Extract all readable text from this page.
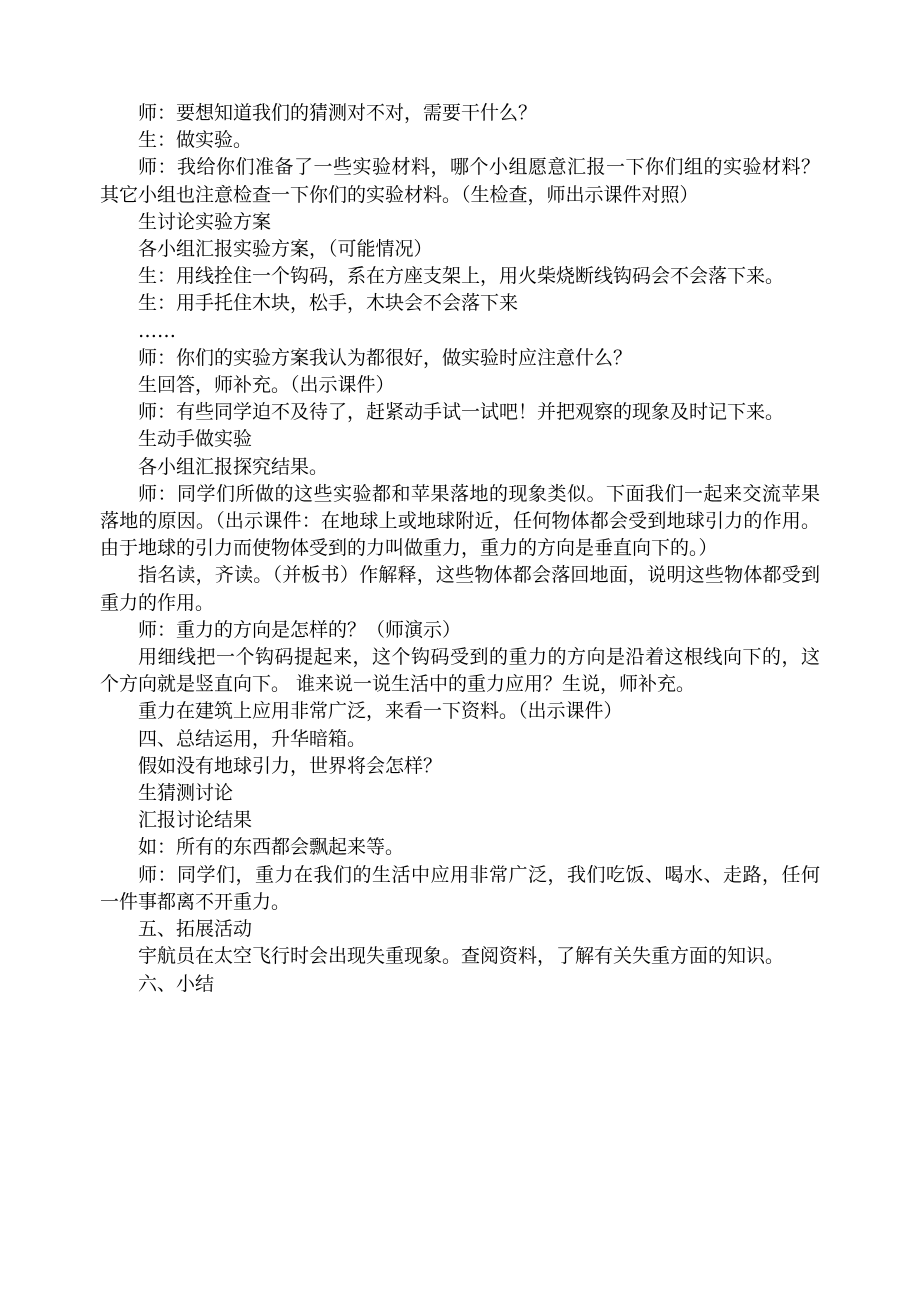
师：要想知道我们的猜测对不对，需要干什么？

生：做实验。

师：我给你们准备了一些实验材料，哪个小组愿意汇报一下你们组的实验材料？其它小组也注意检查一下你们的实验材料。（生检查，师出示课件对照）

生讨论实验方案

各小组汇报实验方案，（可能情况）

生：用线拴住一个钩码，系在方座支架上，用火柴烧断线钩码会不会落下来。

生：用手托住木块，松手，木块会不会落下来

……

师：你们的实验方案我认为都很好，做实验时应注意什么？

生回答，师补充。（出示课件）

师：有些同学迫不及待了，赶紧动手试一试吧！并把观察的现象及时记下来。

生动手做实验

各小组汇报探究结果。

师：同学们所做的这些实验都和苹果落地的现象类似。下面我们一起来交流苹果落地的原因。（出示课件：在地球上或地球附近，任何物体都会受到地球引力的作用。由于地球的引力而使物体受到的力叫做重力，重力的方向是垂直向下的。）

指名读，齐读。（并板书）作解释，这些物体都会落回地面，说明这些物体都受到重力的作用。

师：重力的方向是怎样的？（师演示）

用细线把一个钩码提起来，这个钩码受到的重力的方向是沿着这根线向下的，这个方向就是竖直向下。 谁来说一说生活中的重力应用？生说，师补充。

重力在建筑上应用非常广泛，来看一下资料。（出示课件）

四、总结运用，升华暗箱。

假如没有地球引力，世界将会怎样？

生猜测讨论

汇报讨论结果

如：所有的东西都会飘起来等。

师：同学们，重力在我们的生活中应用非常广泛，我们吃饭、喝水、走路，任何一件事都离不开重力。

五、拓展活动

宇航员在太空飞行时会出现失重现象。查阅资料，了解有关失重方面的知识。

六、小结
